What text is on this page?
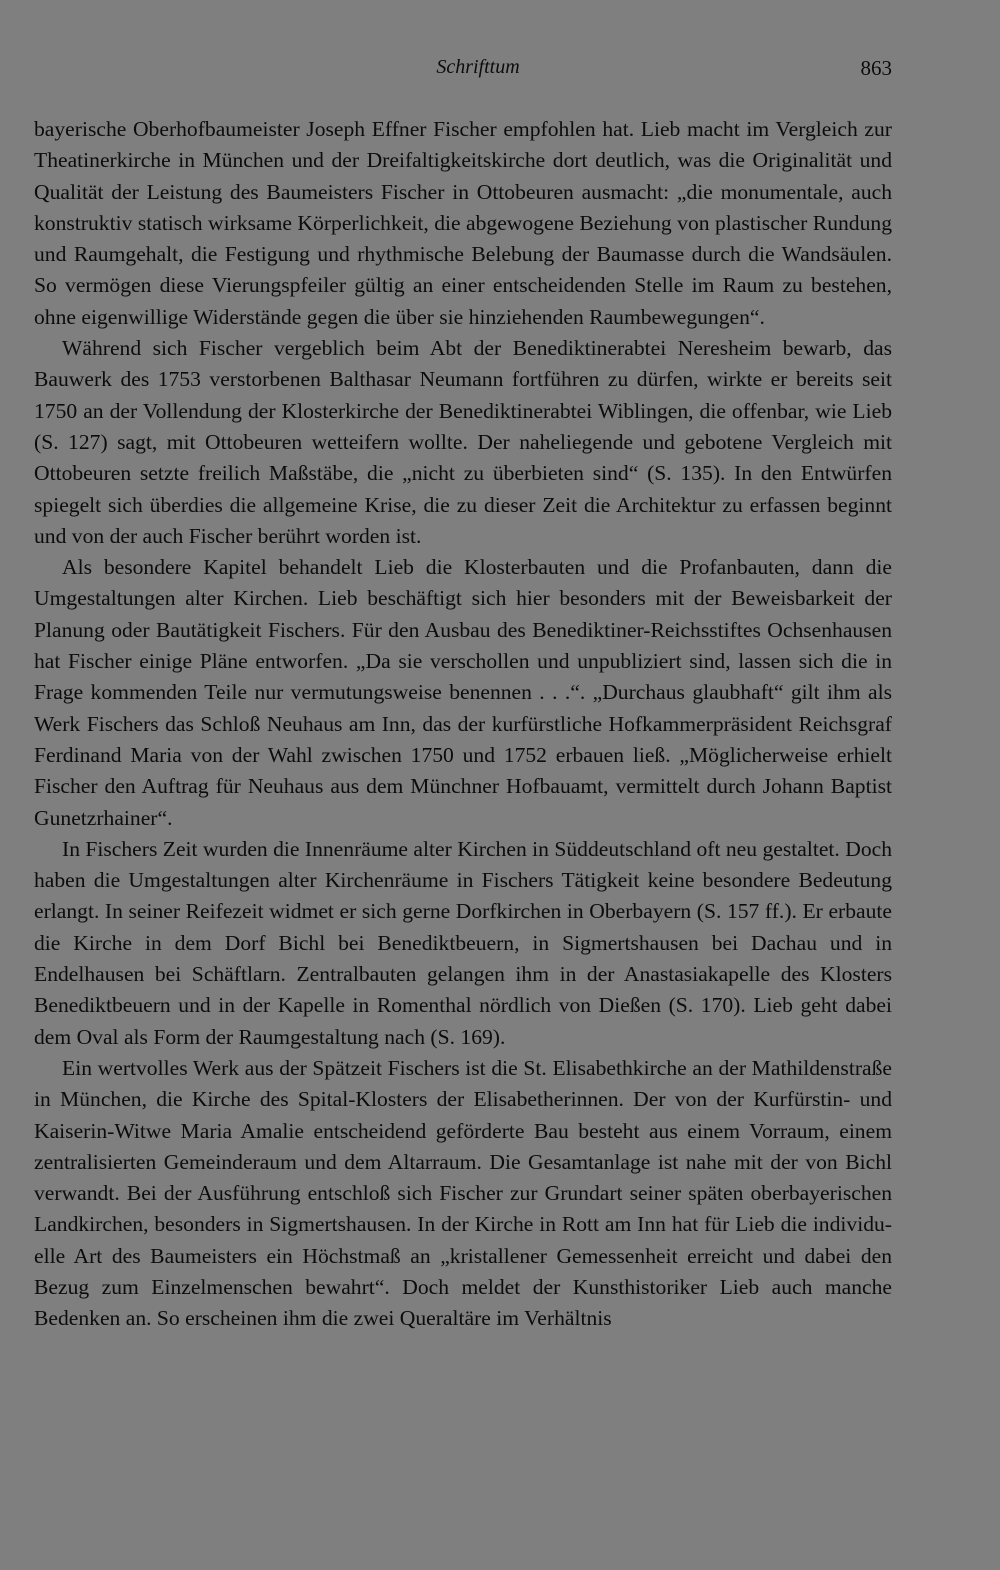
Schrifttum	863

bayerische Oberhofbaumeister Joseph Effner Fischer empfohlen hat. Lieb macht im Vergleich zur Theatinerkirche in München und der Dreifaltigkeitskirche dort deutlich, was die Originalität und Qualität der Leistung des Baumeisters Fischer in Ottobeuren ausmacht: „die monumentale, auch konstruktiv statisch wirksame Körperlichkeit, die abgewogene Beziehung von plastischer Rundung und Raumgehalt, die Festigung und rhythmische Belebung der Baumasse durch die Wandsäulen. So vermögen diese Vierungspfeiler gültig an einer entscheidenden Stelle im Raum zu bestehen, ohne eigenwillige Widerstände gegen die über sie hinziehenden Raumbewegungen“.

Während sich Fischer vergeblich beim Abt der Benediktinerabtei Neresheim bewarb, das Bauwerk des 1753 verstorbenen Balthasar Neumann fortführen zu dürfen, wirkte er bereits seit 1750 an der Vollendung der Klosterkirche der Benediktinerabtei Wiblingen, die offenbar, wie Lieb (S. 127) sagt, mit Ottobeuren wetteifern wollte. Der naheliegende und gebotene Vergleich mit Ottobeuren setzte freilich Maßstäbe, die „nicht zu überbieten sind“ (S. 135). In den Entwürfen spiegelt sich überdies die allgemeine Krise, die zu dieser Zeit die Architektur zu erfassen beginnt und von der auch Fischer berührt worden ist.

Als besondere Kapitel behandelt Lieb die Klosterbauten und die Profanbauten, dann die Umgestaltungen alter Kirchen. Lieb beschäftigt sich hier besonders mit der Beweisbarkeit der Planung oder Bautätigkeit Fischers. Für den Ausbau des Benediktiner-Reichsstiftes Ochsenhausen hat Fischer einige Pläne entworfen. „Da sie verschollen und unpubliziert sind, lassen sich die in Frage kommenden Teile nur vermutungsweise benennen . . .“. „Durchaus glaubhaft“ gilt ihm als Werk Fischers das Schloß Neuhaus am Inn, das der kurfürstliche Hofkammerpräsident Reichsgraf Ferdinand Maria von der Wahl zwischen 1750 und 1752 erbauen ließ. „Möglicherweise erhielt Fischer den Auftrag für Neuhaus aus dem Münchner Hofbauamt, vermittelt durch Johann Baptist Gunetzrhainer“.

In Fischers Zeit wurden die Innenräume alter Kirchen in Süddeutschland oft neu gestaltet. Doch haben die Umgestaltungen alter Kirchenräume in Fischers Tätigkeit keine besondere Bedeutung erlangt. In seiner Reifezeit widmet er sich gerne Dorfkirchen in Oberbayern (S. 157 ff.). Er erbaute die Kirche in dem Dorf Bichl bei Benediktbeuern, in Sigmertshausen bei Dachau und in Endelhausen bei Schäftlarn. Zentralbauten gelangen ihm in der Anastasiakapelle des Klosters Benediktbeuern und in der Kapelle in Romenthal nördlich von Dießen (S. 170). Lieb geht dabei dem Oval als Form der Raumgestaltung nach (S. 169).

Ein wertvolles Werk aus der Spätzeit Fischers ist die St. Elisabethkirche an der Mathildenstraße in München, die Kirche des Spital-Klosters der Elisabetherinnen. Der von der Kurfürstin- und Kaiserin-Witwe Maria Amalie entscheidend geförderte Bau besteht aus einem Vorraum, einem zentralisierten Gemeinderaum und dem Altarraum. Die Gesamtanlage ist nahe mit der von Bichl verwandt. Bei der Ausführung entschloß sich Fischer zur Grundart seiner späten oberbayerischen Landkirchen, besonders in Sigmertshausen. In der Kirche in Rott am Inn hat für Lieb die individuelle Art des Baumeisters ein Höchstmaß an „kristallener Gemessenheit erreicht und dabei den Bezug zum Einzelmenschen bewahrt“. Doch meldet der Kunsthistoriker Lieb auch manche Bedenken an. So erscheinen ihm die zwei Queraltäre im Verhältnis
